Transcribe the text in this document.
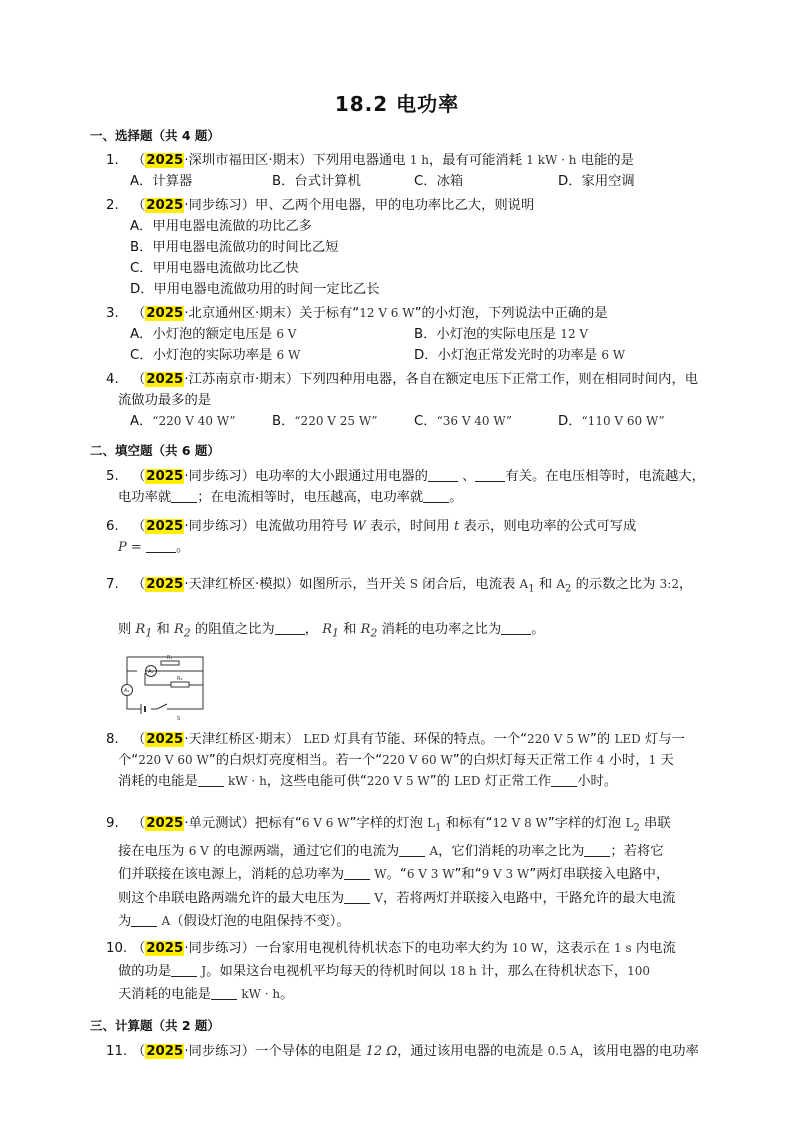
18.2 电功率
一、选择题（共 4 题）
1. （2025·深圳市福田区·期末）下列用电器通电 1 h，最有可能消耗 1 kW · h 电能的是
A．计算器	B．台式计算机	C．冰箱	D．家用空调
2. （2025·同步练习）甲、乙两个用电器，甲的电功率比乙大，则说明
A．甲用电器电流做的功比乙多
B．甲用电器电流做功的时间比乙短
C．甲用电器电流做功比乙快
D．甲用电器电流做功用的时间一定比乙长
3. （2025·北京通州区·期末）关于标有“12 V 6 W”的小灯泡，下列说法中正确的是
A．小灯泡的额定电压是 6 V	B．小灯泡的实际电压是 12 V
C．小灯泡的实际功率是 6 W	D．小灯泡正常发光时的功率是 6 W
4. （2025·江苏南京市·期末）下列四种用电器，各自在额定电压下正常工作，则在相同时间内，电
流做功最多的是
A．“220 V 40 W”	B．“220 V 25 W”	C．“36 V 40 W”	D．“110 V 60 W”
二、填空题（共 6 题）
5. （2025·同步练习）电功率的大小跟通过用电器的	、 有关。在电压相等时，电流越大，
电功率就 ；在电流相等时，电压越高，电功率就 。
6. （2025·同步练习）电流做功用符号 W 表示，时间用 t 表示，则电功率的公式可写成
P =	。
7. （2025·天津红桥区·模拟）如图所示，当开关 S 闭合后，电流表 $A_1$ 和 $A_2$ 的示数之比为 3:2，
则 $R_1$ 和 $R_2$ 的阻值之比为 ， $R_1$ 和 $R_2$ 消耗的电功率之比为 。
A₂
R₁
R₂
A₁
S
8. （2025·天津红桥区·期末） LED 灯具有节能、环保的特点。一个“220 V 5 W”的 LED 灯与一
个“220 V 60 W”的白炽灯亮度相当。若一个“220 V 60 W”的白炽灯每天正常工作 4 小时，1 天
消耗的电能是	kW · h，这些电能可供“220 V 5 W”的 LED 灯正常工作 小时。
9. （2025·单元测试）把标有“6 V 6 W”字样的灯泡 $L_1$ 和标有“12 V 8 W”字样的灯泡 $L_2$ 串联
接在电压为 6 V 的电源两端，通过它们的电流为	A，它们消耗的功率之比为 ；若将它
们并联接在该电源上，消耗的总功率为	W。“6 V 3 W”和“9 V 3 W”两灯串联接入电路中，
则这个串联电路两端允许的最大电压为	V，若将两灯并联接入电路中，干路允许的最大电流
为	A（假设灯泡的电阻保持不变）。
10. （2025·同步练习）一台家用电视机待机状态下的电功率大约为 10 W，这表示在 1 s 内电流
做的功是	J。如果这台电视机平均每天的待机时间以 18 h 计，那么在待机状态下，100
天消耗的电能是	kW · h。
三、计算题（共 2 题）
11. （2025·同步练习）一个导体的电阻是 12 Ω，通过该用电器的电流是 0.5 A，该用电器的电功率
